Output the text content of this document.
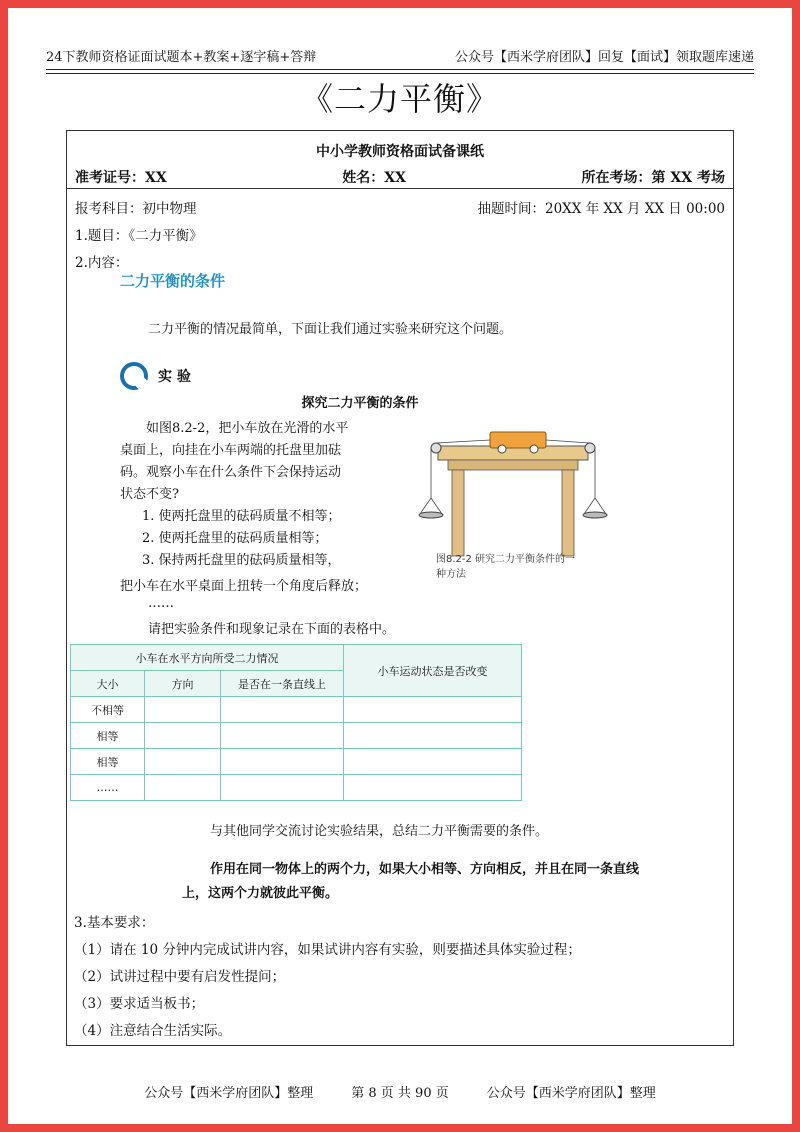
24下教师资格证面试题本+教案+逐字稿+答辩	公众号【西米学府团队】回复【面试】领取题库速递
《二力平衡》
中小学教师资格面试备课纸
准考证号：XX	姓名：XX	所在考场：第 XX 考场
报考科目：初中物理	抽题时间：20XX 年 XX 月 XX 日 00:00
1.题目：《二力平衡》
2.内容：
二力平衡的条件
二力平衡的情况最简单，下面让我们通过实验来研究这个问题。
实 验
探究二力平衡的条件
如图8.2-2，把小车放在光滑的水平桌面上，向挂在小车两端的托盘里加砝码。观察小车在什么条件下会保持运动状态不变?
1. 使两托盘里的砝码质量不相等；
2. 使两托盘里的砝码质量相等；
3. 保持两托盘里的砝码质量相等，	图8.2-2 研究二力平衡条件的一种方法
把小车在水平桌面上扭转一个角度后释放；
……
请把实验条件和现象记录在下面的表格中。
小车在水平方向所受二力情况			小车运动状态是否改变
大小	方向	是否在一条直线上	
不相等			
相等			
相等			
……			
与其他同学交流讨论实验结果，总结二力平衡需要的条件。
作用在同一物体上的两个力，如果大小相等、方向相反，并且在同一条直线上，这两个力就彼此平衡。
3.基本要求：
（1）请在 10 分钟内完成试讲内容，如果试讲内容有实验，则要描述具体实验过程；
（2）试讲过程中要有启发性提问；
（3）要求适当板书；
（4）注意结合生活实际。
公众号【西米学府团队】整理	第 8 页 共 90 页	公众号【西米学府团队】整理
